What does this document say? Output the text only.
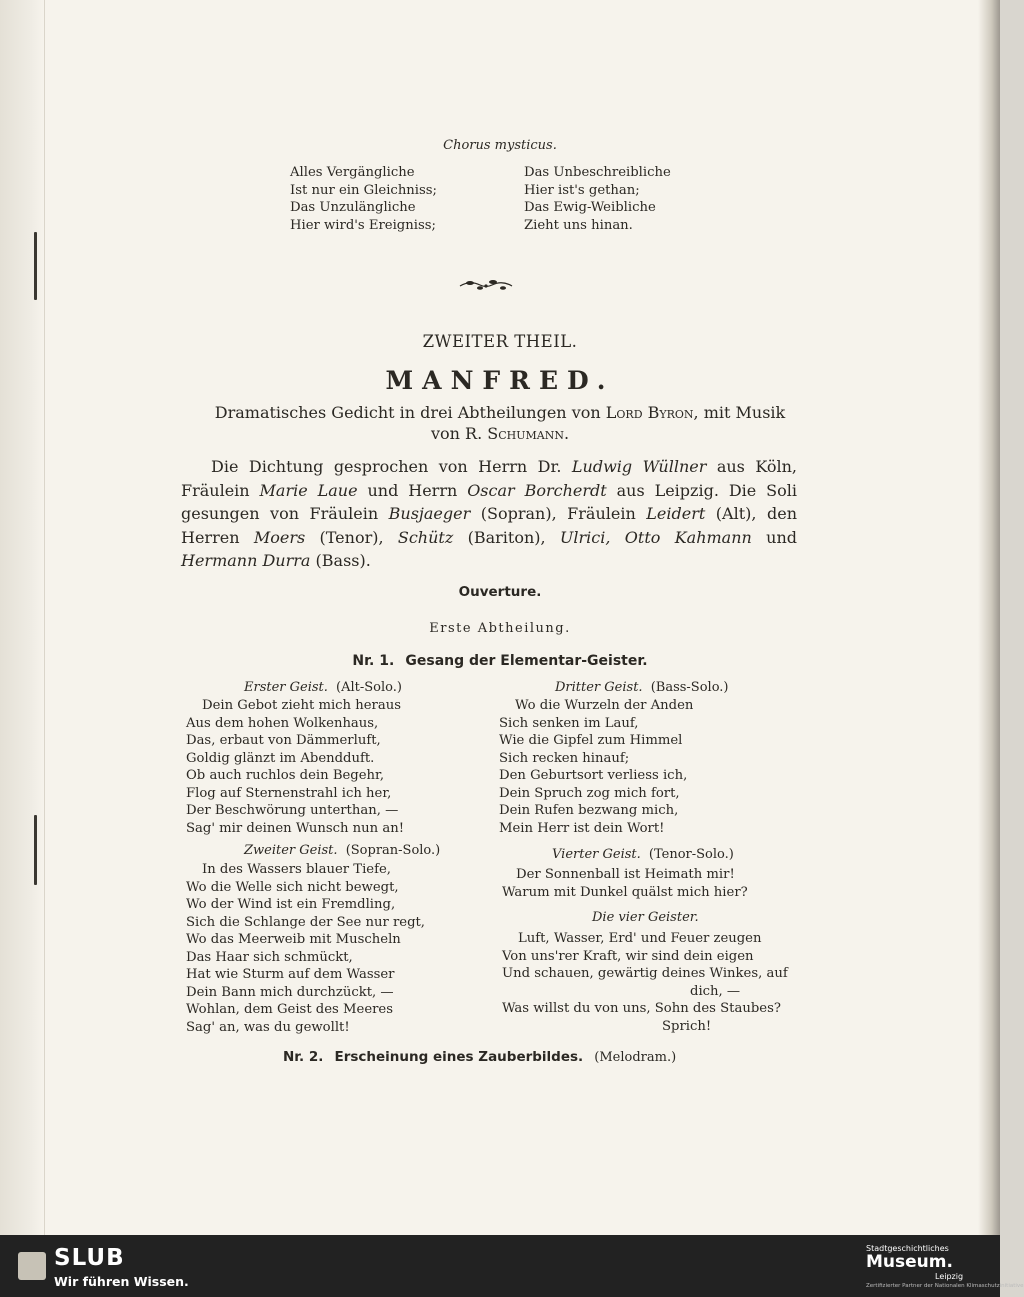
Chorus mysticus.
Alles Vergängliche
Ist nur ein Gleichniss;
Das Unzulängliche
Hier wird's Ereigniss;
Das Unbeschreibliche
Hier ist's gethan;
Das Ewig-Weibliche
Zieht uns hinan.
ZWEITER THEIL.
MANFRED.
Dramatisches Gedicht in drei Abtheilungen von Lord Byron, mit Musik
von R. Schumann.
Die Dichtung gesprochen von Herrn Dr. Ludwig Wüllner aus Köln, Fräulein Marie Laue und Herrn Oscar Borcherdt aus Leipzig. Die Soli gesungen von Fräulein Busjaeger (Sopran), Fräulein Leidert (Alt), den Herren Moers (Tenor), Schütz (Bariton), Ulrici, Otto Kahmann und Hermann Durra (Bass).
Ouverture.
Erste Abtheilung.
Nr. 1. Gesang der Elementar-Geister.
Erster Geist. (Alt-Solo.)
Dein Gebot zieht mich heraus
Aus dem hohen Wolkenhaus,
Das, erbaut von Dämmerluft,
Goldig glänzt im Abendduft.
Ob auch ruchlos dein Begehr,
Flog auf Sternenstrahl ich her,
Der Beschwörung unterthan, —
Sag' mir deinen Wunsch nun an!
Zweiter Geist. (Sopran-Solo.)
In des Wassers blauer Tiefe,
Wo die Welle sich nicht bewegt,
Wo der Wind ist ein Fremdling,
Sich die Schlange der See nur regt,
Wo das Meerweib mit Muscheln
Das Haar sich schmückt,
Hat wie Sturm auf dem Wasser
Dein Bann mich durchzückt, —
Wohlan, dem Geist des Meeres
Sag' an, was du gewollt!
Dritter Geist. (Bass-Solo.)
Wo die Wurzeln der Anden
Sich senken im Lauf,
Wie die Gipfel zum Himmel
Sich recken hinauf;
Den Geburtsort verliess ich,
Dein Spruch zog mich fort,
Dein Rufen bezwang mich,
Mein Herr ist dein Wort!
Vierter Geist. (Tenor-Solo.)
Der Sonnenball ist Heimath mir!
Warum mit Dunkel quälst mich hier?
Die vier Geister.
Luft, Wasser, Erd' und Feuer zeugen
Von uns'rer Kraft, wir sind dein eigen
Und schauen, gewärtig deines Winkes, auf
dich, —
Was willst du von uns, Sohn des Staubes?
Sprich!
Nr. 2. Erscheinung eines Zauberbildes. (Melodram.)
SLUB
Wir führen Wissen.
Stadtgeschichtliches
Museum.
Leipzig
Zertifizierter Partner der Nationalen Klimaschutzinitiative
